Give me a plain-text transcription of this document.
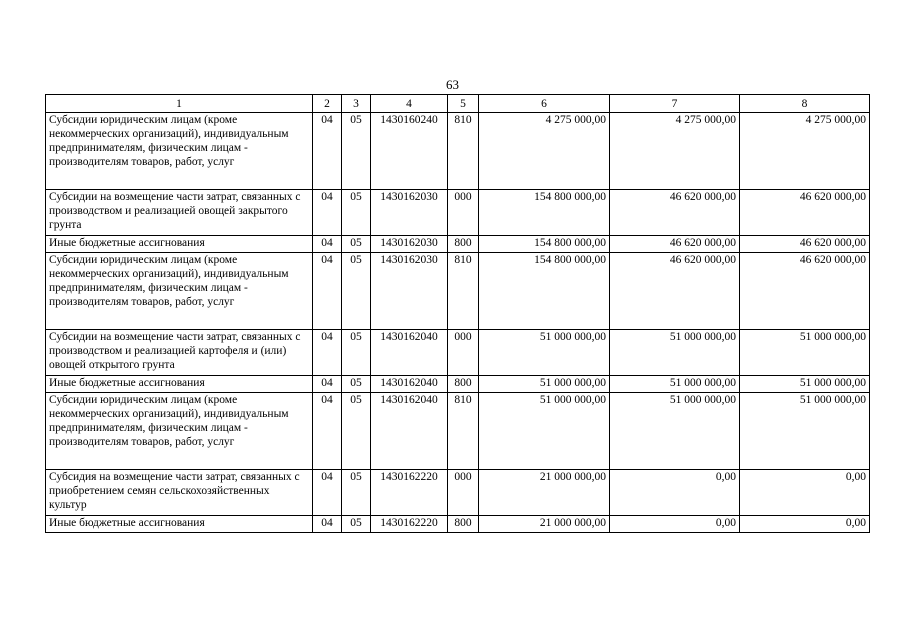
63
1	2	3	4	5	6	7	8
Субсидии юридическим лицам (кроме некоммерческих организаций), индивидуальным предпринимателям, физическим лицам - производителям товаров, работ, услуг	04	05	1430160240	810	4 275 000,00	4 275 000,00	4 275 000,00
Субсидии на возмещение части затрат, связанных с производством и реализацией овощей закрытого грунта	04	05	1430162030	000	154 800 000,00	46 620 000,00	46 620 000,00
Иные бюджетные ассигнования	04	05	1430162030	800	154 800 000,00	46 620 000,00	46 620 000,00
Субсидии юридическим лицам (кроме некоммерческих организаций), индивидуальным предпринимателям, физическим лицам - производителям товаров, работ, услуг	04	05	1430162030	810	154 800 000,00	46 620 000,00	46 620 000,00
Субсидии на возмещение части затрат, связанных с производством и реализацией картофеля и (или) овощей открытого грунта	04	05	1430162040	000	51 000 000,00	51 000 000,00	51 000 000,00
Иные бюджетные ассигнования	04	05	1430162040	800	51 000 000,00	51 000 000,00	51 000 000,00
Субсидии юридическим лицам (кроме некоммерческих организаций), индивидуальным предпринимателям, физическим лицам - производителям товаров, работ, услуг	04	05	1430162040	810	51 000 000,00	51 000 000,00	51 000 000,00
Субсидия на возмещение части затрат, связанных с приобретением семян сельскохозяйственных культур	04	05	1430162220	000	21 000 000,00	0,00	0,00
Иные бюджетные ассигнования	04	05	1430162220	800	21 000 000,00	0,00	0,00
